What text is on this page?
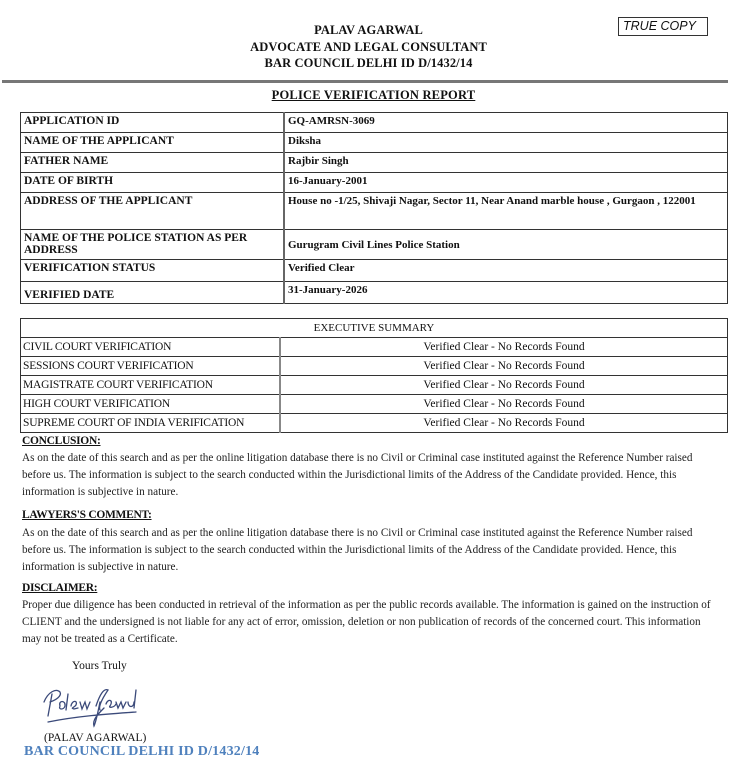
PALAV AGARWAL
ADVOCATE AND LEGAL CONSULTANT
BAR COUNCIL DELHI ID D/1432/14
TRUE COPY
POLICE VERIFICATION REPORT
APPLICATION ID	GQ-AMRSN-3069
NAME OF THE APPLICANT	Diksha
FATHER NAME	Rajbir Singh
DATE OF BIRTH	16-January-2001
ADDRESS OF THE APPLICANT	House no -1/25, Shivaji Nagar, Sector 11, Near Anand marble house , Gurgaon , 122001
NAME OF THE POLICE STATION AS PER ADDRESS	Gurugram Civil Lines Police Station
VERIFICATION STATUS	Verified Clear
VERIFIED DATE	31-January-2026
EXECUTIVE SUMMARY	
CIVIL COURT VERIFICATION	Verified Clear - No Records Found
SESSIONS COURT VERIFICATION	Verified Clear - No Records Found
MAGISTRATE COURT VERIFICATION	Verified Clear - No Records Found
HIGH COURT VERIFICATION	Verified Clear - No Records Found
SUPREME COURT OF INDIA VERIFICATION	Verified Clear - No Records Found
CONCLUSION:
As on the date of this search and as per the online litigation database there is no Civil or Criminal case instituted against the Reference Number raised before us. The information is subject to the search conducted within the Jurisdictional limits of the Address of the Candidate provided. Hence, this information is subjective in nature.
LAWYERS'S COMMENT:
As on the date of this search and as per the online litigation database there is no Civil or Criminal case instituted against the Reference Number raised before us. The information is subject to the search conducted within the Jurisdictional limits of the Address of the Candidate provided. Hence, this information is subjective in nature.
DISCLAIMER:
Proper due diligence has been conducted in retrieval of the information as per the public records available. The information is gained on the instruction of CLIENT and the undersigned is not liable for any act of error, omission, deletion or non publication of records of the concerned court. This information may not be treated as a Certificate.
Yours Truly
(PALAV AGARWAL)
BAR COUNCIL DELHI ID D/1432/14
